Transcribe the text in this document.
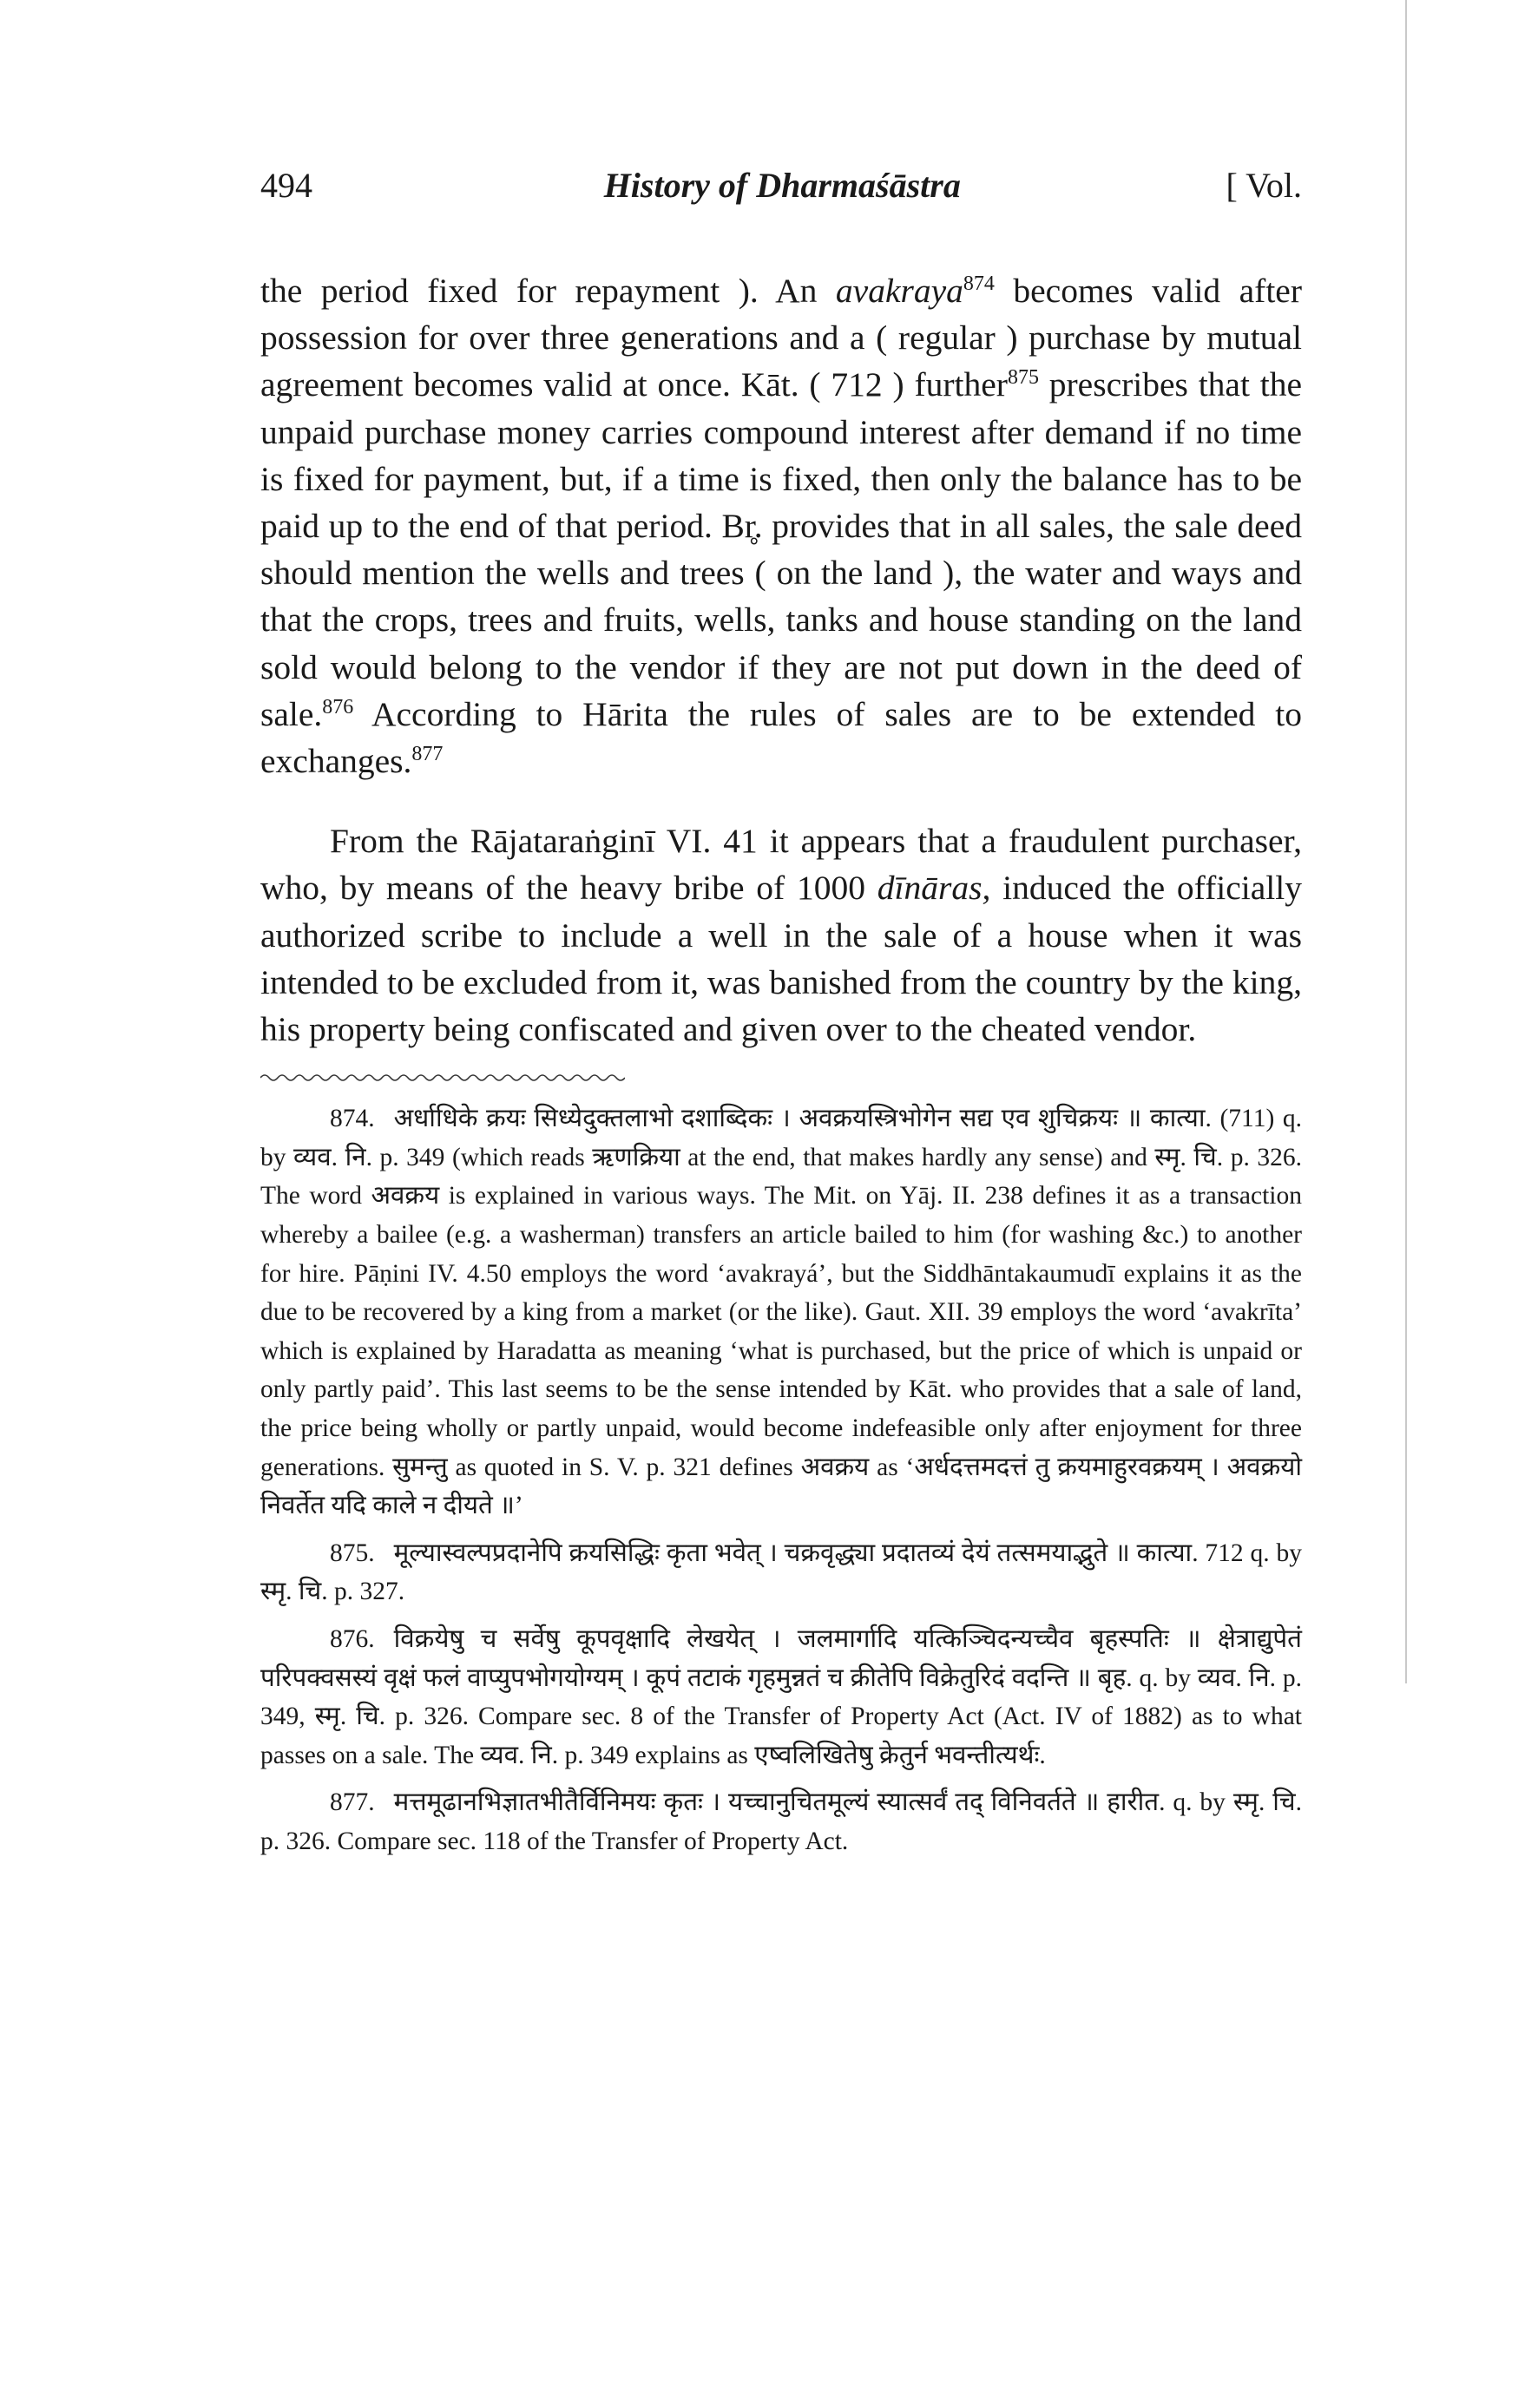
494	History of Dharmaśāstra	[ Vol.

the period fixed for repayment ). An avakraya$^{874}$ becomes valid after possession for over three generations and a ( regular ) purchase by mutual agreement becomes valid at once. Kāt. ( 712 ) further$^{875}$ prescribes that the unpaid purchase money carries compound interest after demand if no time is fixed for payment, but, if a time is fixed, then only the balance has to be paid up to the end of that period. Br̥. provides that in all sales, the sale deed should mention the wells and trees ( on the land ), the water and ways and that the crops, trees and fruits, wells, tanks and house standing on the land sold would belong to the vendor if they are not put down in the deed of sale.$^{876}$ According to Hārita the rules of sales are to be extended to exchanges.$^{877}$

From the Rājataraṅginī VI. 41 it appears that a fraudulent purchaser, who, by means of the heavy bribe of 1000 dīnāras, induced the officially authorized scribe to include a well in the sale of a house when it was intended to be excluded from it, was banished from the country by the king, his property being confiscated and given over to the cheated vendor.

874. अर्धाधिके क्रयः सिध्येदुक्तलाभो दशाब्दिकः । अवक्रयस्त्रिभोगेन सद्य एव शुचिक्रयः ॥ कात्या. (711) q. by व्यव. नि. p. 349 (which reads ऋणक्रिया at the end, that makes hardly any sense) and स्मृ. चि. p. 326. The word अवक्रय is explained in various ways. The Mit. on Yāj. II. 238 defines it as a transaction whereby a bailee (e.g. a washerman) transfers an article bailed to him (for washing &c.) to another for hire. Pāṇini IV. 4.50 employs the word ‘avakrayá’, but the Siddhāntakaumudī explains it as the due to be recovered by a king from a market (or the like). Gaut. XII. 39 employs the word ‘avakrīta’ which is explained by Haradatta as meaning ‘what is purchased, but the price of which is unpaid or only partly paid’. This last seems to be the sense intended by Kāt. who provides that a sale of land, the price being wholly or partly unpaid, would become indefeasible only after enjoyment for three generations. सुमन्तु as quoted in S. V. p. 321 defines अवक्रय as ‘अर्धदत्तमदत्तं तु क्रयमाहुरवक्रयम् । अवक्रयो निवर्तेत यदि काले न दीयते ॥’

875. मूल्यास्वल्पप्रदानेपि क्रयसिद्धिः कृता भवेत् । चक्रवृद्ध्या प्रदातव्यं देयं तत्समयाद्भुते ॥ कात्या. 712 q. by स्मृ. चि. p. 327.

876. विक्रयेषु च सर्वेषु कूपवृक्षादि लेखयेत् । जलमार्गादि यत्किञ्चिदन्यच्चैव बृहस्पतिः ॥ क्षेत्राद्युपेतं परिपक्वसस्यं वृक्षं फलं वाप्युपभोगयोग्यम् । कूपं तटाकं गृहमुन्नतं च क्रीतेपि विक्रेतुरिदं वदन्ति ॥ बृह. q. by व्यव. नि. p. 349, स्मृ. चि. p. 326. Compare sec. 8 of the Transfer of Property Act (Act. IV of 1882) as to what passes on a sale. The व्यव. नि. p. 349 explains as एष्वलिखितेषु क्रेतुर्न भवन्तीत्यर्थः.

877. मत्तमूढानभिज्ञातभीतैर्विनिमयः कृतः । यच्चानुचितमूल्यं स्यात्सर्वं तद् विनिवर्तते ॥ हारीत. q. by स्मृ. चि. p. 326. Compare sec. 118 of the Transfer of Property Act.
